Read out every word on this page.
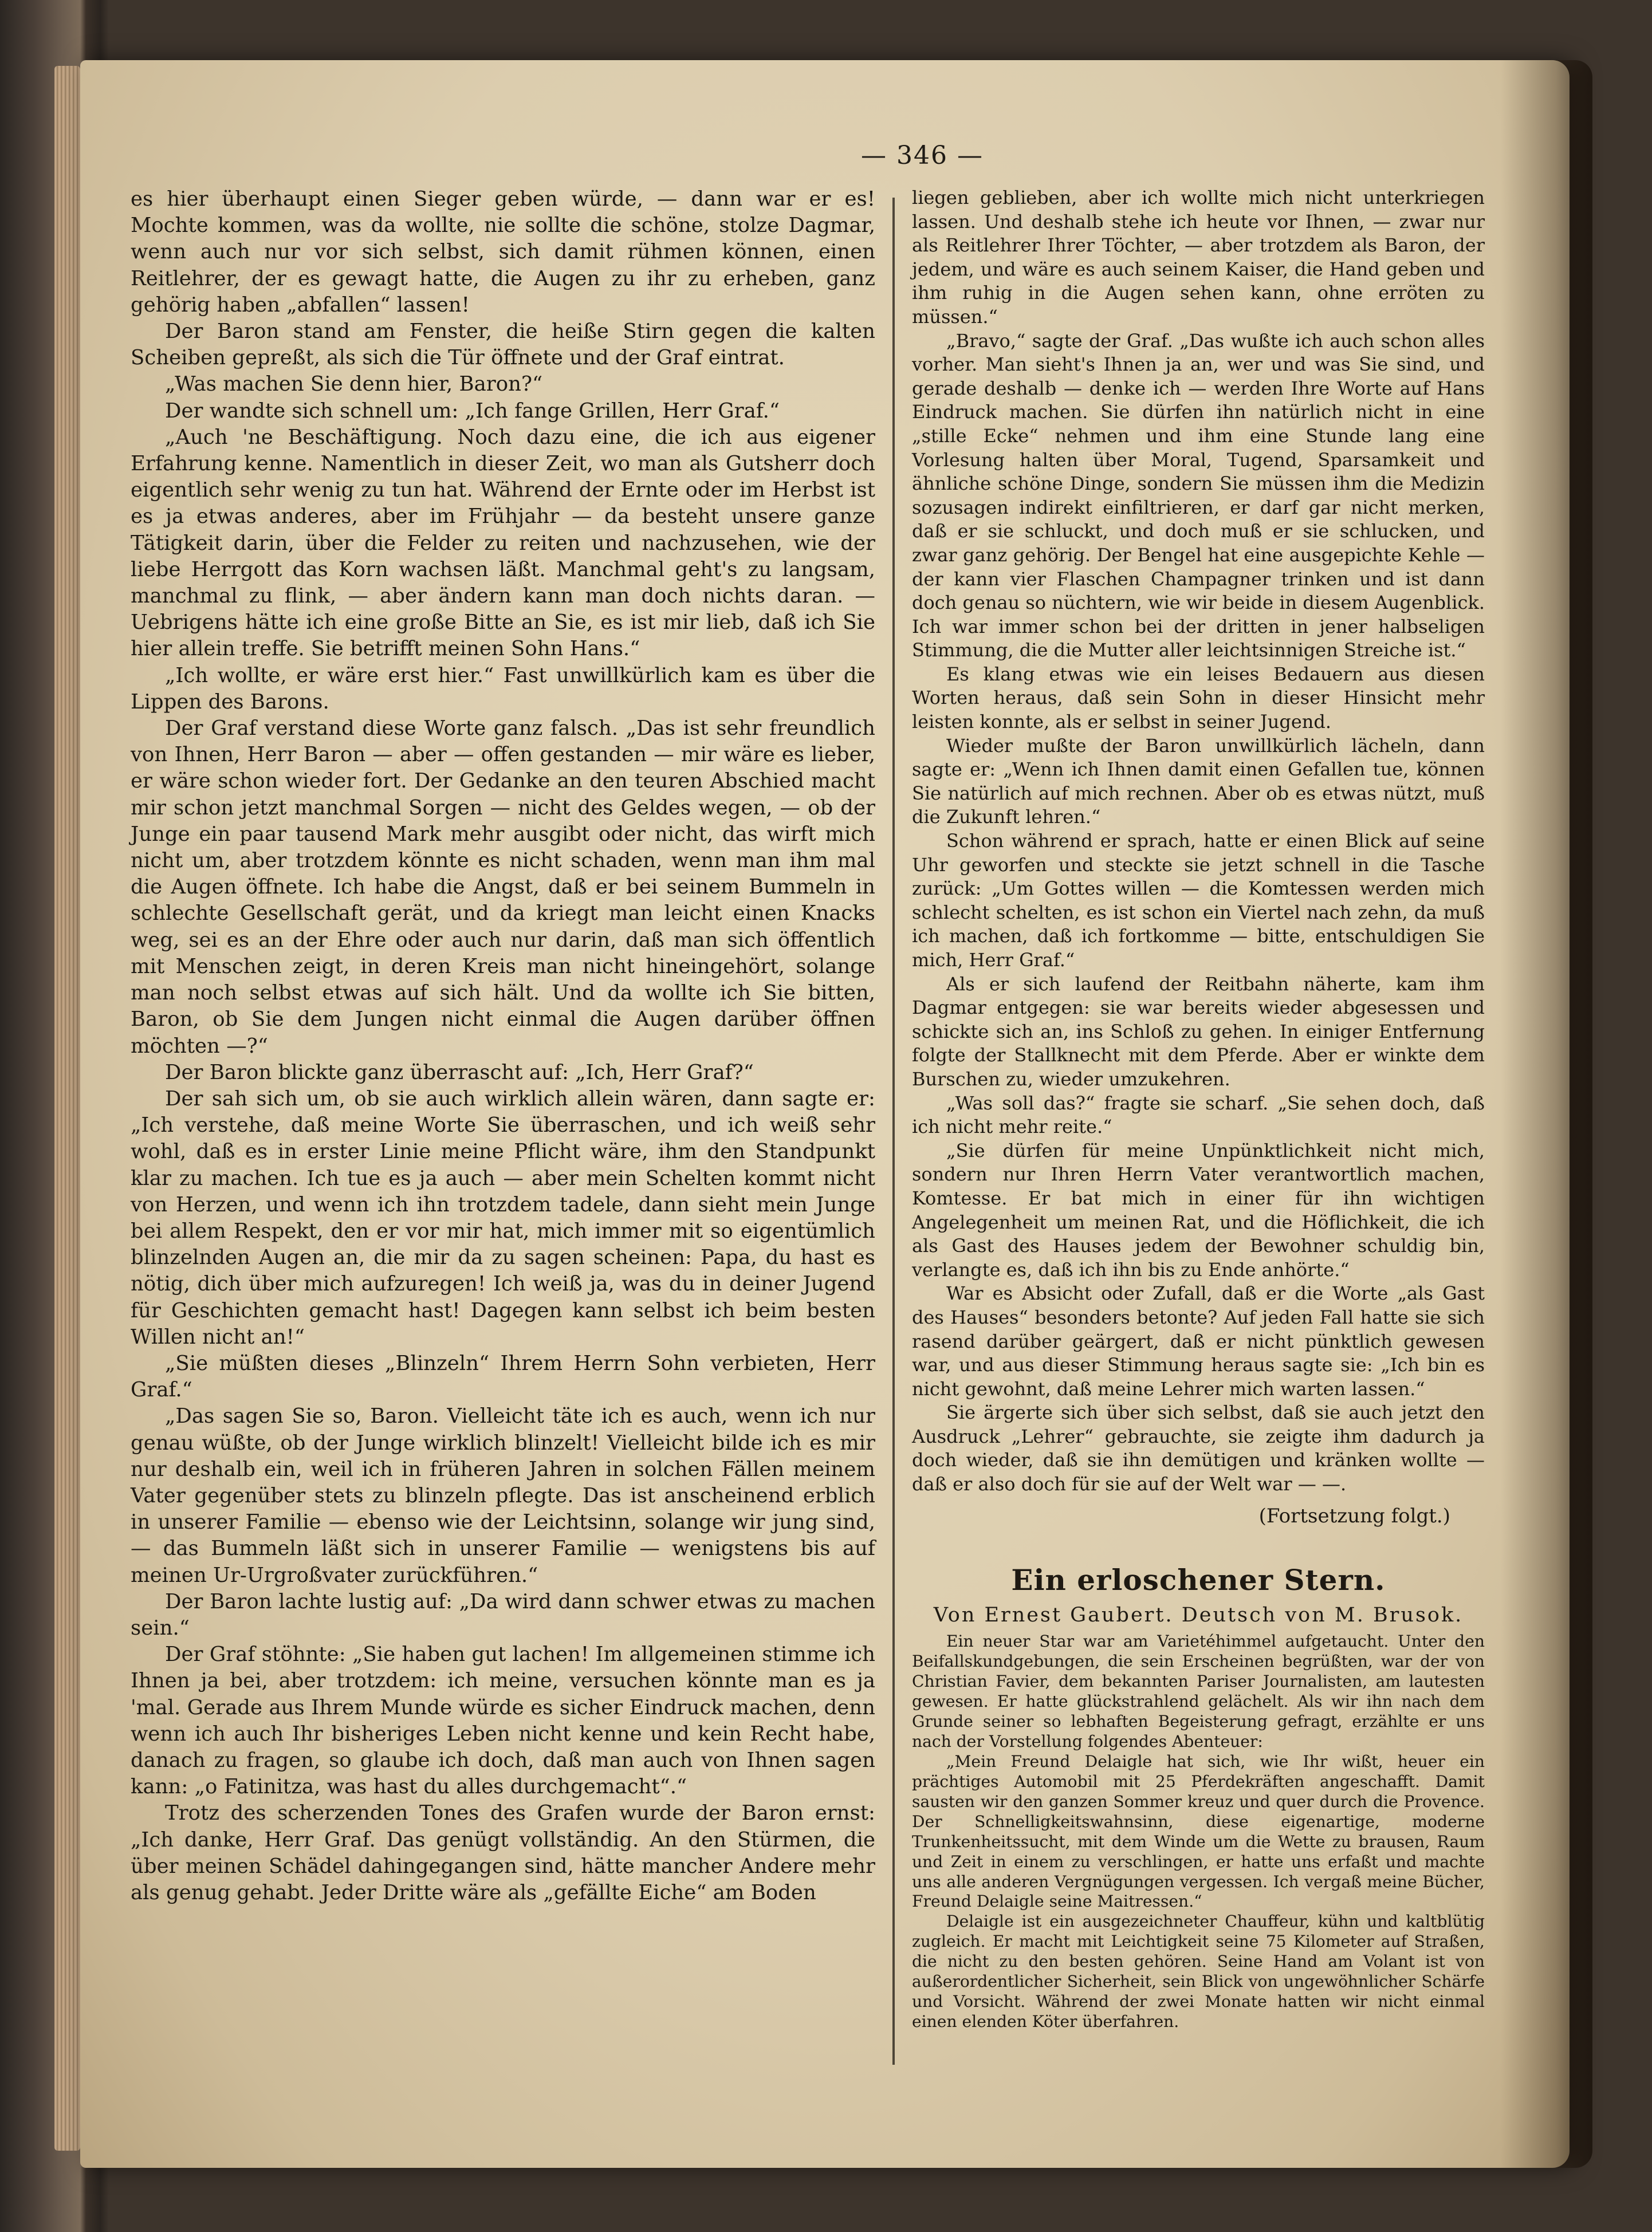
— 346 —

es hier überhaupt einen Sieger geben würde, — dann war er es! Mochte kommen, was da wollte, nie sollte die schöne, stolze Dagmar, wenn auch nur vor sich selbst, sich damit rühmen können, einen Reitlehrer, der es gewagt hatte, die Augen zu ihr zu erheben, ganz gehörig haben „abfallen“ lassen!

Der Baron stand am Fenster, die heiße Stirn gegen die kalten Scheiben gepreßt, als sich die Tür öffnete und der Graf eintrat.

„Was machen Sie denn hier, Baron?“

Der wandte sich schnell um: „Ich fange Grillen, Herr Graf.“

„Auch 'ne Beschäftigung. Noch dazu eine, die ich aus eigener Erfahrung kenne. Namentlich in dieser Zeit, wo man als Gutsherr doch eigentlich sehr wenig zu tun hat. Während der Ernte oder im Herbst ist es ja etwas anderes, aber im Frühjahr — da besteht unsere ganze Tätigkeit darin, über die Felder zu reiten und nachzusehen, wie der liebe Herrgott das Korn wachsen läßt. Manchmal geht's zu langsam, manchmal zu flink, — aber ändern kann man doch nichts daran. — Uebrigens hätte ich eine große Bitte an Sie, es ist mir lieb, daß ich Sie hier allein treffe. Sie betrifft meinen Sohn Hans.“

„Ich wollte, er wäre erst hier.“ Fast unwillkürlich kam es über die Lippen des Barons.

Der Graf verstand diese Worte ganz falsch. „Das ist sehr freundlich von Ihnen, Herr Baron — aber — offen gestanden — mir wäre es lieber, er wäre schon wieder fort. Der Gedanke an den teuren Abschied macht mir schon jetzt manchmal Sorgen — nicht des Geldes wegen, — ob der Junge ein paar tausend Mark mehr ausgibt oder nicht, das wirft mich nicht um, aber trotzdem könnte es nicht schaden, wenn man ihm mal die Augen öffnete. Ich habe die Angst, daß er bei seinem Bummeln in schlechte Gesellschaft gerät, und da kriegt man leicht einen Knacks weg, sei es an der Ehre oder auch nur darin, daß man sich öffentlich mit Menschen zeigt, in deren Kreis man nicht hineingehört, solange man noch selbst etwas auf sich hält. Und da wollte ich Sie bitten, Baron, ob Sie dem Jungen nicht einmal die Augen darüber öffnen möchten —?“

Der Baron blickte ganz überrascht auf: „Ich, Herr Graf?“

Der sah sich um, ob sie auch wirklich allein wären, dann sagte er: „Ich verstehe, daß meine Worte Sie überraschen, und ich weiß sehr wohl, daß es in erster Linie meine Pflicht wäre, ihm den Standpunkt klar zu machen. Ich tue es ja auch — aber mein Schelten kommt nicht von Herzen, und wenn ich ihn trotzdem tadele, dann sieht mein Junge bei allem Respekt, den er vor mir hat, mich immer mit so eigentümlich blinzelnden Augen an, die mir da zu sagen scheinen: Papa, du hast es nötig, dich über mich aufzuregen! Ich weiß ja, was du in deiner Jugend für Geschichten gemacht hast! Dagegen kann selbst ich beim besten Willen nicht an!“

„Sie müßten dieses „Blinzeln“ Ihrem Herrn Sohn verbieten, Herr Graf.“

„Das sagen Sie so, Baron. Vielleicht täte ich es auch, wenn ich nur genau wüßte, ob der Junge wirklich blinzelt! Vielleicht bilde ich es mir nur deshalb ein, weil ich in früheren Jahren in solchen Fällen meinem Vater gegenüber stets zu blinzeln pflegte. Das ist anscheinend erblich in unserer Familie — ebenso wie der Leichtsinn, solange wir jung sind, — das Bummeln läßt sich in unserer Familie — wenigstens bis auf meinen Ur-Urgroßvater zurückführen.“

Der Baron lachte lustig auf: „Da wird dann schwer etwas zu machen sein.“

Der Graf stöhnte: „Sie haben gut lachen! Im allgemeinen stimme ich Ihnen ja bei, aber trotzdem: ich meine, versuchen könnte man es ja 'mal. Gerade aus Ihrem Munde würde es sicher Eindruck machen, denn wenn ich auch Ihr bisheriges Leben nicht kenne und kein Recht habe, danach zu fragen, so glaube ich doch, daß man auch von Ihnen sagen kann: „o Fatinitza, was hast du alles durchgemacht“.“

Trotz des scherzenden Tones des Grafen wurde der Baron ernst: „Ich danke, Herr Graf. Das genügt vollständig. An den Stürmen, die über meinen Schädel dahingegangen sind, hätte mancher Andere mehr als genug gehabt. Jeder Dritte wäre als „gefällte Eiche“ am Boden

liegen geblieben, aber ich wollte mich nicht unterkriegen lassen. Und deshalb stehe ich heute vor Ihnen, — zwar nur als Reitlehrer Ihrer Töchter, — aber trotzdem als Baron, der jedem, und wäre es auch seinem Kaiser, die Hand geben und ihm ruhig in die Augen sehen kann, ohne erröten zu müssen.“

„Bravo,“ sagte der Graf. „Das wußte ich auch schon alles vorher. Man sieht's Ihnen ja an, wer und was Sie sind, und gerade deshalb — denke ich — werden Ihre Worte auf Hans Eindruck machen. Sie dürfen ihn natürlich nicht in eine „stille Ecke“ nehmen und ihm eine Stunde lang eine Vorlesung halten über Moral, Tugend, Sparsamkeit und ähnliche schöne Dinge, sondern Sie müssen ihm die Medizin sozusagen indirekt einfiltrieren, er darf gar nicht merken, daß er sie schluckt, und doch muß er sie schlucken, und zwar ganz gehörig. Der Bengel hat eine ausgepichte Kehle — der kann vier Flaschen Champagner trinken und ist dann doch genau so nüchtern, wie wir beide in diesem Augenblick. Ich war immer schon bei der dritten in jener halbseligen Stimmung, die die Mutter aller leichtsinnigen Streiche ist.“

Es klang etwas wie ein leises Bedauern aus diesen Worten heraus, daß sein Sohn in dieser Hinsicht mehr leisten konnte, als er selbst in seiner Jugend.

Wieder mußte der Baron unwillkürlich lächeln, dann sagte er: „Wenn ich Ihnen damit einen Gefallen tue, können Sie natürlich auf mich rechnen. Aber ob es etwas nützt, muß die Zukunft lehren.“

Schon während er sprach, hatte er einen Blick auf seine Uhr geworfen und steckte sie jetzt schnell in die Tasche zurück: „Um Gottes willen — die Komtessen werden mich schlecht schelten, es ist schon ein Viertel nach zehn, da muß ich machen, daß ich fortkomme — bitte, entschuldigen Sie mich, Herr Graf.“

Als er sich laufend der Reitbahn näherte, kam ihm Dagmar entgegen: sie war bereits wieder abgesessen und schickte sich an, ins Schloß zu gehen. In einiger Entfernung folgte der Stallknecht mit dem Pferde. Aber er winkte dem Burschen zu, wieder umzukehren.

„Was soll das?“ fragte sie scharf. „Sie sehen doch, daß ich nicht mehr reite.“

„Sie dürfen für meine Unpünktlichkeit nicht mich, sondern nur Ihren Herrn Vater verantwortlich machen, Komtesse. Er bat mich in einer für ihn wichtigen Angelegenheit um meinen Rat, und die Höflichkeit, die ich als Gast des Hauses jedem der Bewohner schuldig bin, verlangte es, daß ich ihn bis zu Ende anhörte.“

War es Absicht oder Zufall, daß er die Worte „als Gast des Hauses“ besonders betonte? Auf jeden Fall hatte sie sich rasend darüber geärgert, daß er nicht pünktlich gewesen war, und aus dieser Stimmung heraus sagte sie: „Ich bin es nicht gewohnt, daß meine Lehrer mich warten lassen.“

Sie ärgerte sich über sich selbst, daß sie auch jetzt den Ausdruck „Lehrer“ gebrauchte, sie zeigte ihm dadurch ja doch wieder, daß sie ihn demütigen und kränken wollte — daß er also doch für sie auf der Welt war — —.

(Fortsetzung folgt.)
Ein erloschener Stern.
Von Ernest Gaubert. Deutsch von M. Brusok.

Ein neuer Star war am Varietéhimmel aufgetaucht. Unter den Beifallskundgebungen, die sein Erscheinen begrüßten, war der von Christian Favier, dem bekannten Pariser Journalisten, am lautesten gewesen. Er hatte glückstrahlend gelächelt. Als wir ihn nach dem Grunde seiner so lebhaften Begeisterung gefragt, erzählte er uns nach der Vorstellung folgendes Abenteuer:

„Mein Freund Delaigle hat sich, wie Ihr wißt, heuer ein prächtiges Automobil mit 25 Pferdekräften angeschafft. Damit sausten wir den ganzen Sommer kreuz und quer durch die Provence. Der Schnelligkeitswahnsinn, diese eigenartige, moderne Trunkenheitssucht, mit dem Winde um die Wette zu brausen, Raum und Zeit in einem zu verschlingen, er hatte uns erfaßt und machte uns alle anderen Vergnügungen vergessen. Ich vergaß meine Bücher, Freund Delaigle seine Maitressen.“

Delaigle ist ein ausgezeichneter Chauffeur, kühn und kaltblütig zugleich. Er macht mit Leichtigkeit seine 75 Kilometer auf Straßen, die nicht zu den besten gehören. Seine Hand am Volant ist von außerordentlicher Sicherheit, sein Blick von ungewöhnlicher Schärfe und Vorsicht. Während der zwei Monate hatten wir nicht einmal einen elenden Köter überfahren.
